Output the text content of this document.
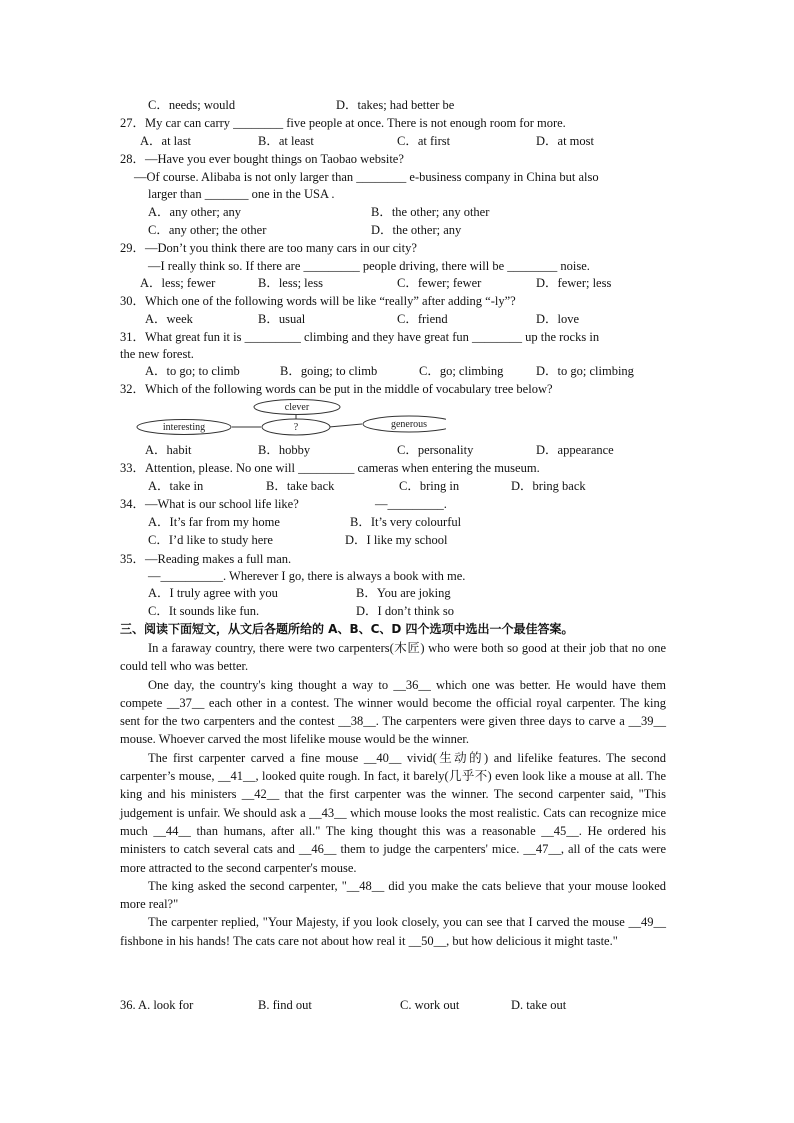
C．needs; would	D．takes; had better be
27．My car can carry ________ five people at once. There is not enough room for more.
A．at last	B．at least	C．at first	D．at most
28．—Have you ever bought things on Taobao website?
—Of course. Alibaba is not only larger than ________ e-business company in China but also
larger than _______ one in the USA .
A．any other; any	B．the other; any other
C．any other; the other	D．the other; any
29．—Don’t you think there are too many cars in our city?
—I really think so. If there are _________ people driving, there will be ________ noise.
A．less; fewer	B．less; less	C．fewer; fewer	D．fewer; less
30．Which one of the following words will be like “really” after adding “-ly”?
A．week	B．usual	C．friend	D．love
31．What great fun it is _________ climbing and they have great fun ________ up the rocks in
the new forest.
A．to go; to climb	B．going; to climb	C．go; climbing	D．to go; climbing
32．Which of the following words can be put in the middle of vocabulary tree below?
clever
interesting	?	generous
A．habit	B．hobby	C．personality	D．appearance
33．Attention, please. No one will _________ cameras when entering the museum.
A．take in	B．take back	C．bring in	D．bring back
34．—What is our school life like?	—_________.
A．It’s far from my home	B．It’s very colourful
C．I’d like to study here	D．I like my school
35．—Reading makes a full man.
—__________. Wherever I go, there is always a book with me.
A．I truly agree with you	B．You are joking
C．It sounds like fun.	D．I don’t think so
三、阅读下面短文，从文后各题所给的 A、B、C、D 四个选项中选出一个最佳答案。

In a faraway country, there were two carpenters(木匠) who were both so good at their job that no one could tell who was better.

One day, the country's king thought a way to __36__ which one was better. He would have them compete __37__ each other in a contest. The winner would become the official royal carpenter. The king sent for the two carpenters and the contest __38__. The carpenters were given three days to carve a __39__ mouse. Whoever carved the most lifelike mouse would be the winner.

The first carpenter carved a fine mouse __40__ vivid(生动的) and lifelike features. The second carpenter’s mouse, __41__, looked quite rough. In fact, it barely(几乎不) even look like a mouse at all. The king and his ministers __42__ that the first carpenter was the winner. The second carpenter said, "This judgement is unfair. We should ask a __43__ which mouse looks the most realistic. Cats can recognize mice much __44__ than humans, after all." The king thought this was a reasonable __45__. He ordered his ministers to catch several cats and __46__ them to judge the carpenters' mice. __47__, all of the cats were more attracted to the second carpenter's mouse.

The king asked the second carpenter, "__48__ did you make the cats believe that your mouse looked more real?"

The carpenter replied, "Your Majesty, if you look closely, you can see that I carved the mouse __49__ fishbone in his hands! The cats care not about how real it __50__, but how delicious it might taste."

36. A. look for	B. find out	C. work out	D. take out
